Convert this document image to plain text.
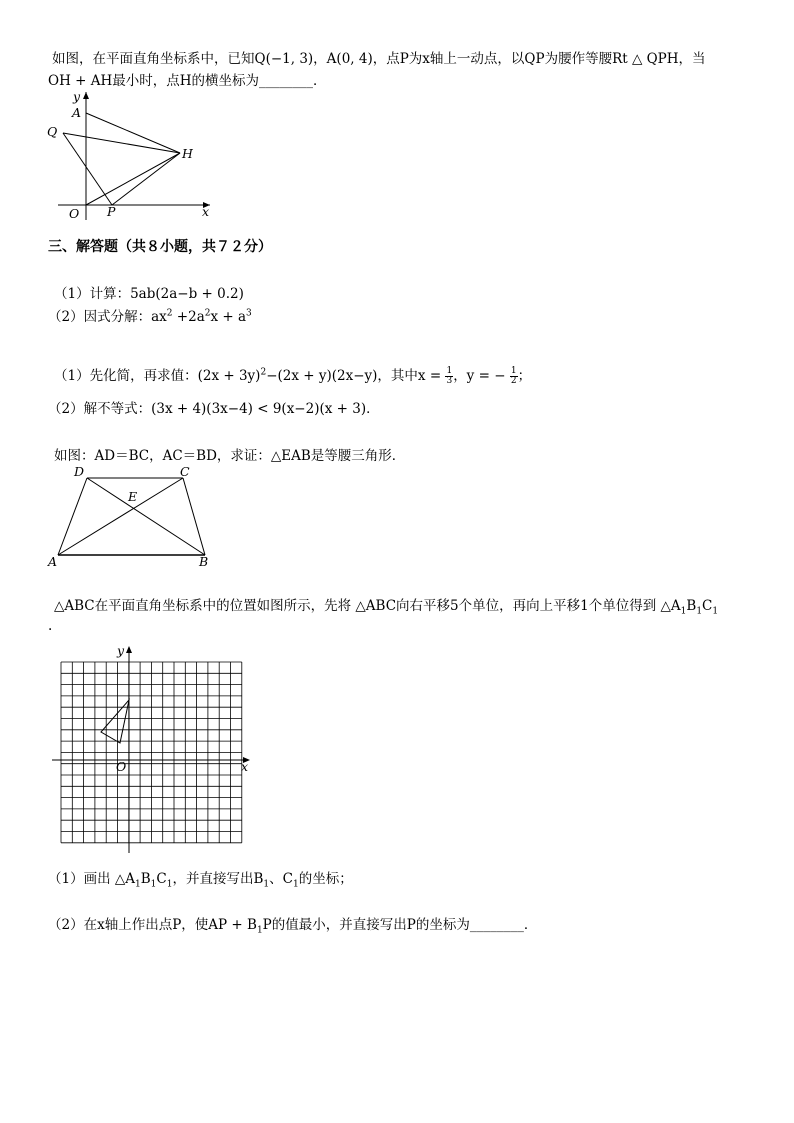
如图，在平面直角坐标系中，已知Q(−1, 3)，A(0, 4)，点P为x轴上一动点，以QP为腰作等腰Rt △ QPH，当
OH + AH最小时，点H的横坐标为________．
y
A
Q
H
O P	x
三、解答题（共８小题，共７２分）
（1）计算：5ab(2a−b + 0.2)
（2）因式分解：$ax^2 +2a^2x + a^3$
（1）先化简，再求值：$(2x + 3y)^2-(2x + y)(2x-y)$，其中$x = \frac{1}{3}$ ，y = − $\frac{1}{2}$ ；
（2）解不等式：(3x + 4)(3x−4) < 9(x−2)(x + 3)．
如图：AD＝BC，AC＝BD，求证：△EAB是等腰三角形．
D	C
E
A	B
△ABC在平面直角坐标系中的位置如图所示，先将 △ABC向右平移5个单位，再向上平移1个单位得到 $\triangle A_1B_1C_1$
.
y
O	x
（1）画出 $\triangle A_1B_1C_1$，并直接写出$B_1$、$C_1$的坐标；
（2）在x轴上作出点P，使AP + $B_1P$的值最小，并直接写出P的坐标为________．
